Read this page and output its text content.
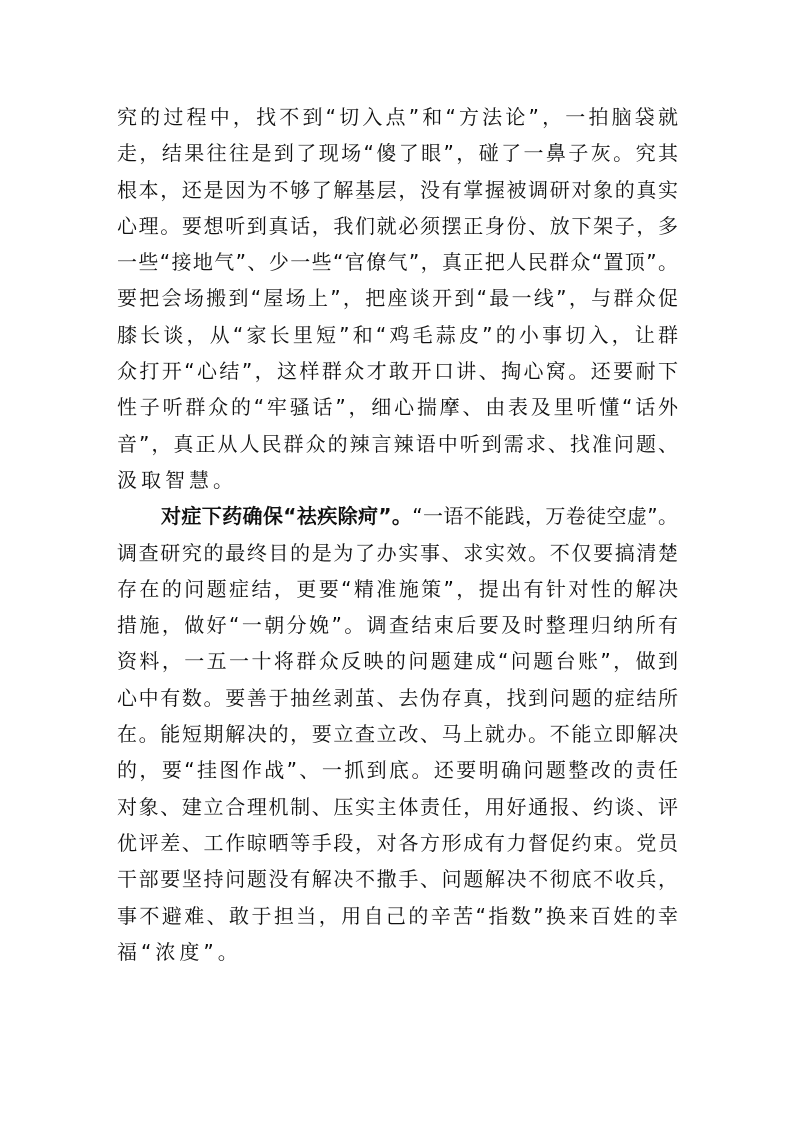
究的过程中，找不到“切入点”和“方法论”，一拍脑袋就
走，结果往往是到了现场“傻了眼”，碰了一鼻子灰。究其
根本，还是因为不够了解基层，没有掌握被调研对象的真实
心理。要想听到真话，我们就必须摆正身份、放下架子，多
一些“接地气”、少一些“官僚气”，真正把人民群众“置顶”。
要把会场搬到“屋场上”，把座谈开到“最一线”，与群众促
膝长谈，从“家长里短”和“鸡毛蒜皮”的小事切入，让群
众打开“心结”，这样群众才敢开口讲、掏心窝。还要耐下
性子听群众的“牢骚话”，细心揣摩、由表及里听懂“话外
音”，真正从人民群众的辣言辣语中听到需求、找准问题、
汲取智慧。
对症下药确保“祛疾除疴”。“一语不能践，万卷徒空虚”。
调查研究的最终目的是为了办实事、求实效。不仅要搞清楚
存在的问题症结，更要“精准施策”，提出有针对性的解决
措施，做好“一朝分娩”。调查结束后要及时整理归纳所有
资料，一五一十将群众反映的问题建成“问题台账”，做到
心中有数。要善于抽丝剥茧、去伪存真，找到问题的症结所
在。能短期解决的，要立查立改、马上就办。不能立即解决
的，要“挂图作战”、一抓到底。还要明确问题整改的责任
对象、建立合理机制、压实主体责任，用好通报、约谈、评
优评差、工作晾晒等手段，对各方形成有力督促约束。党员
干部要坚持问题没有解决不撒手、问题解决不彻底不收兵，
事不避难、敢于担当，用自己的辛苦“指数”换来百姓的幸
福“浓度”。
